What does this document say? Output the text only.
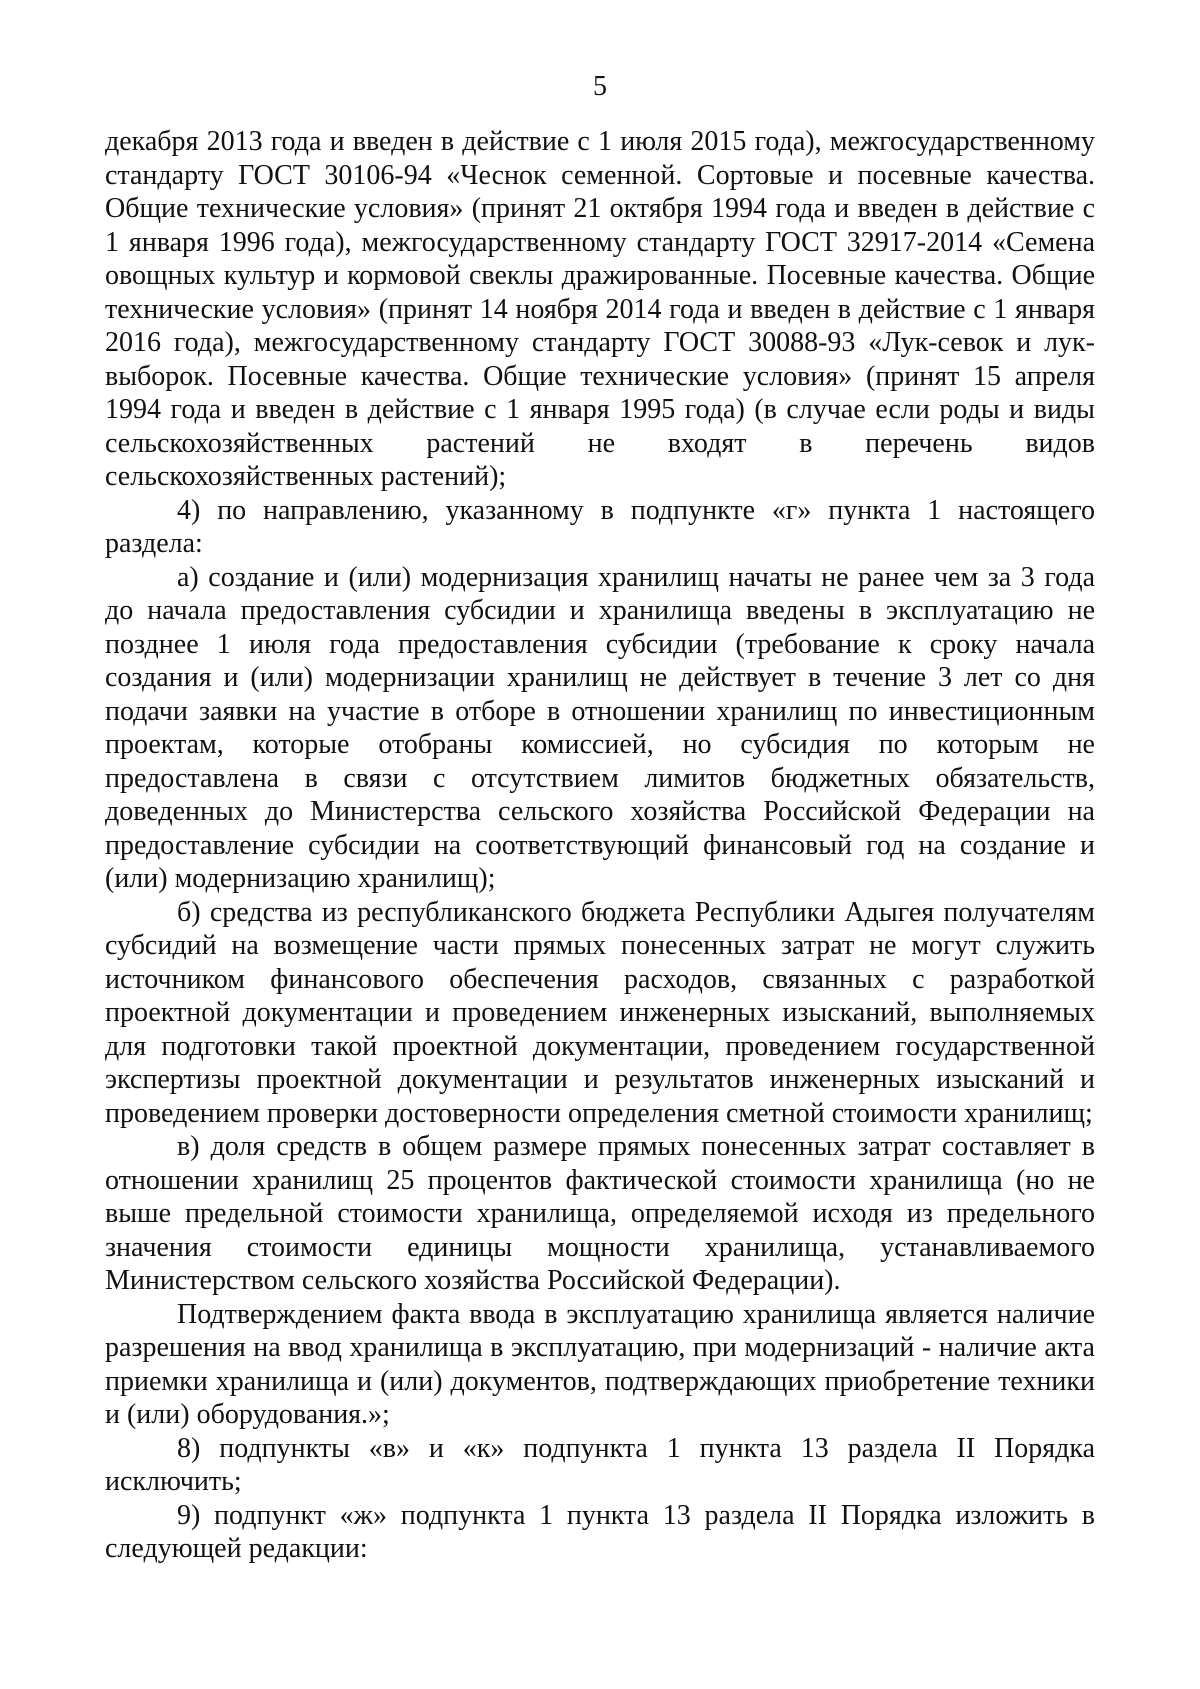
5

декабря 2013 года и введен в действие с 1 июля 2015 года), межгосударственному стандарту ГОСТ 30106-94 «Чеснок семенной. Сортовые и посевные качества. Общие технические условия» (принят 21 октября 1994 года и введен в действие с 1 января 1996 года), межгосударственному стандарту ГОСТ 32917-2014 «Семена овощных культур и кормовой свеклы дражированные. Посевные качества. Общие технические условия» (принят 14 ноября 2014 года и введен в действие с 1 января 2016 года), межгосударственному стандарту ГОСТ 30088-93 «Лук-севок и лук-выборок. Посевные качества. Общие технические условия» (принят 15 апреля 1994 года и введен в действие с 1 января 1995 года) (в случае если роды и виды сельскохозяйственных растений не входят в перечень видов сельскохозяйственных растений);

4) по направлению, указанному в подпункте «г» пункта 1 настоящего раздела:

а) создание и (или) модернизация хранилищ начаты не ранее чем за 3 года до начала предоставления субсидии и хранилища введены в эксплуатацию не позднее 1 июля года предоставления субсидии (требование к сроку начала создания и (или) модернизации хранилищ не действует в течение 3 лет со дня подачи заявки на участие в отборе в отношении хранилищ по инвестиционным проектам, которые отобраны комиссией, но субсидия по которым не предоставлена в связи с отсутствием лимитов бюджетных обязательств, доведенных до Министерства сельского хозяйства Российской Федерации на предоставление субсидии на соответствующий финансовый год на создание и (или) модернизацию хранилищ);

б) средства из республиканского бюджета Республики Адыгея получателям субсидий на возмещение части прямых понесенных затрат не могут служить источником финансового обеспечения расходов, связанных с разработкой проектной документации и проведением инженерных изысканий, выполняемых для подготовки такой проектной документации, проведением государственной экспертизы проектной документации и результатов инженерных изысканий и проведением проверки достоверности определения сметной стоимости хранилищ;

в) доля средств в общем размере прямых понесенных затрат составляет в отношении хранилищ 25 процентов фактической стоимости хранилища (но не выше предельной стоимости хранилища, определяемой исходя из предельного значения стоимости единицы мощности хранилища, устанавливаемого Министерством сельского хозяйства Российской Федерации).

Подтверждением факта ввода в эксплуатацию хранилища является наличие разрешения на ввод хранилища в эксплуатацию, при модернизаций - наличие акта приемки хранилища и (или) документов, подтверждающих приобретение техники и (или) оборудования.»;

8) подпункты «в» и «к» подпункта 1 пункта 13 раздела II Порядка исключить;

9) подпункт «ж» подпункта 1 пункта 13 раздела II Порядка изложить в следующей редакции:
